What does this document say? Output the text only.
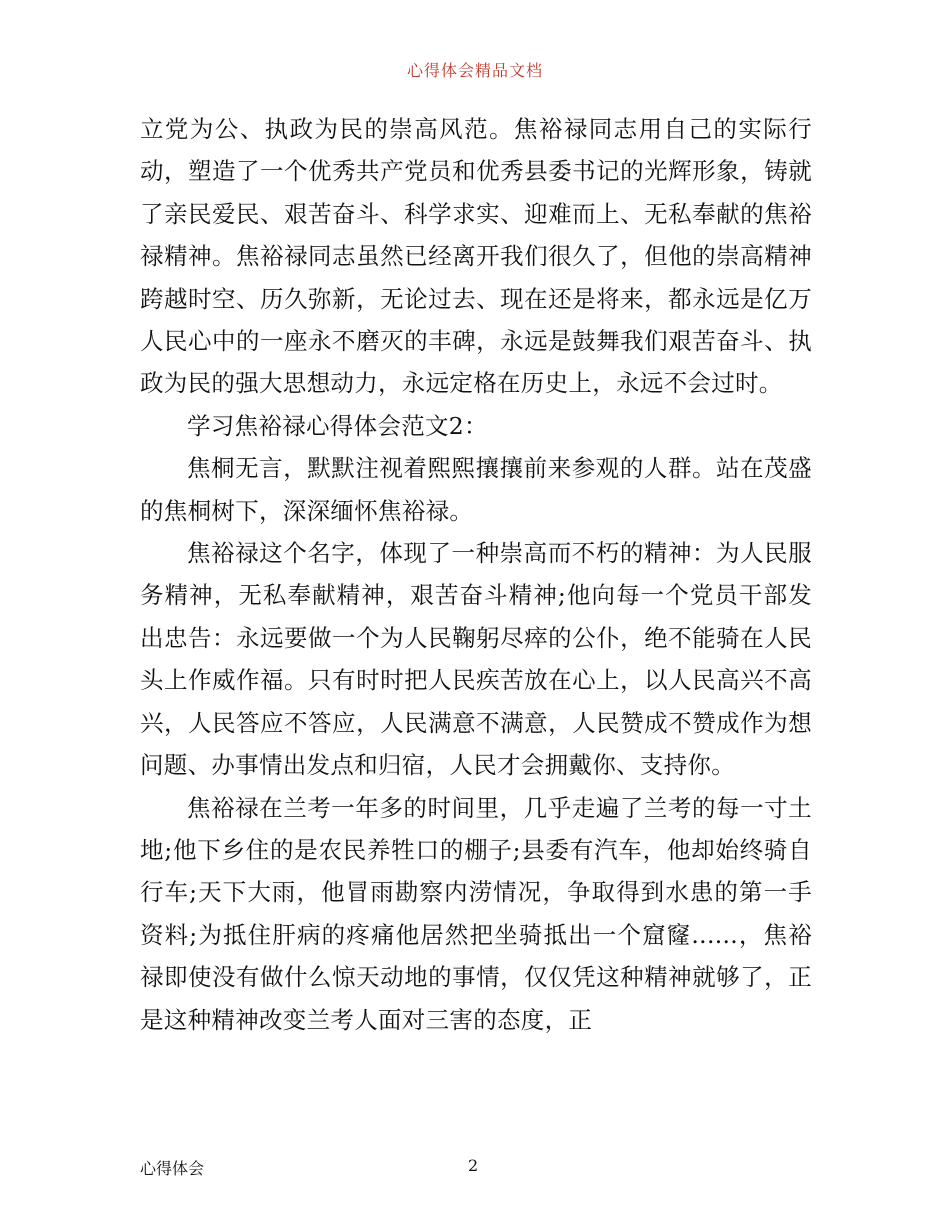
心得体会精品文档

立党为公、执政为民的崇高风范。焦裕禄同志用自己的实际行动，塑造了一个优秀共产党员和优秀县委书记的光辉形象，铸就了亲民爱民、艰苦奋斗、科学求实、迎难而上、无私奉献的焦裕禄精神。焦裕禄同志虽然已经离开我们很久了，但他的崇高精神跨越时空、历久弥新，无论过去、现在还是将来，都永远是亿万人民心中的一座永不磨灭的丰碑，永远是鼓舞我们艰苦奋斗、执政为民的强大思想动力，永远定格在历史上，永远不会过时。

学习焦裕禄心得体会范文2：

焦桐无言，默默注视着熙熙攘攘前来参观的人群。站在茂盛的焦桐树下，深深缅怀焦裕禄。

焦裕禄这个名字，体现了一种崇高而不朽的精神：为人民服务精神，无私奉献精神，艰苦奋斗精神;他向每一个党员干部发出忠告：永远要做一个为人民鞠躬尽瘁的公仆，绝不能骑在人民头上作威作福。只有时时把人民疾苦放在心上，以人民高兴不高兴，人民答应不答应，人民满意不满意，人民赞成不赞成作为想问题、办事情出发点和归宿，人民才会拥戴你、支持你。

焦裕禄在兰考一年多的时间里，几乎走遍了兰考的每一寸土地;他下乡住的是农民养牲口的棚子;县委有汽车，他却始终骑自行车;天下大雨，他冒雨勘察内涝情况，争取得到水患的第一手资料;为抵住肝病的疼痛他居然把坐骑抵出一个窟窿......，焦裕禄即使没有做什么惊天动地的事情，仅仅凭这种精神就够了，正是这种精神改变兰考人面对三害的态度，正

心得体会	2
